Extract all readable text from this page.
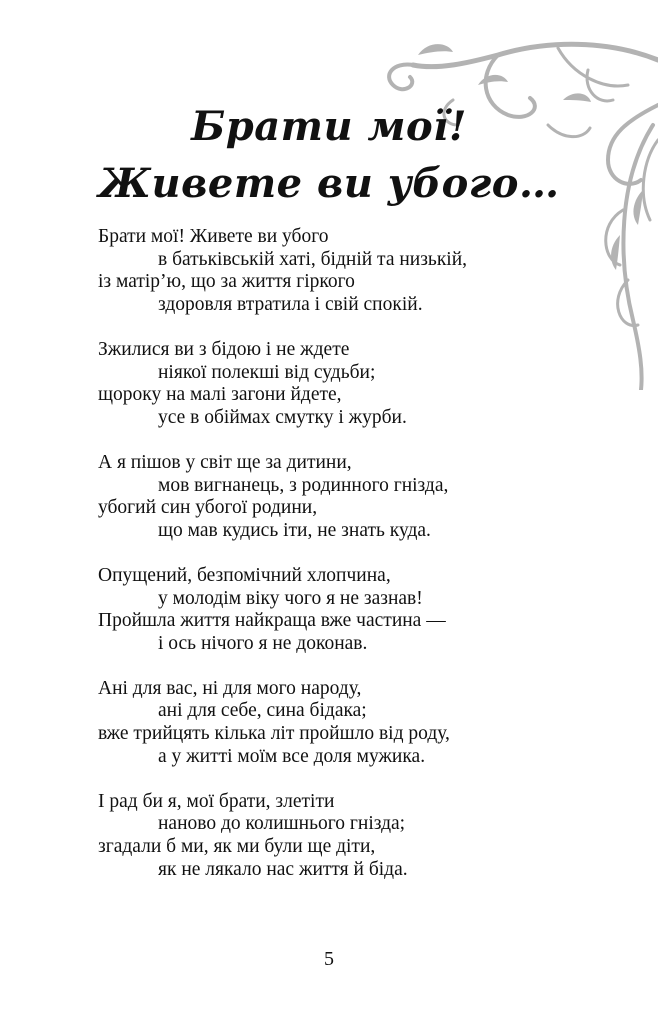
Брати мої!
Живете ви убого…
Брати мої! Живете ви убого
в батьківській хаті, бідній та низькій,
із матір’ю, що за життя гіркого
здоровля втратила і свій спокій.
Зжилися ви з бідою і не ждете
ніякої полекші від судьби;
щороку на малі загони йдете,
усе в обіймах смутку і журби.
А я пішов у світ ще за дитини,
мов вигнанець, з родинного гнізда,
убогий син убогої родини,
що мав кудись іти, не знать куда.
Опущений, безпомічний хлопчина,
у молодім віку чого я не зазнав!
Пройшла життя найкраща вже частина —
і ось нічого я не доконав.
Ані для вас, ні для мого народу,
ані для себе, сина бідака;
вже трийцять кілька літ пройшло від роду,
а у житті моїм все доля мужика.
І рад би я, мої брати, злетіти
наново до колишнього гнізда;
згадали б ми, як ми були ще діти,
як не лякало нас життя й біда.
5
